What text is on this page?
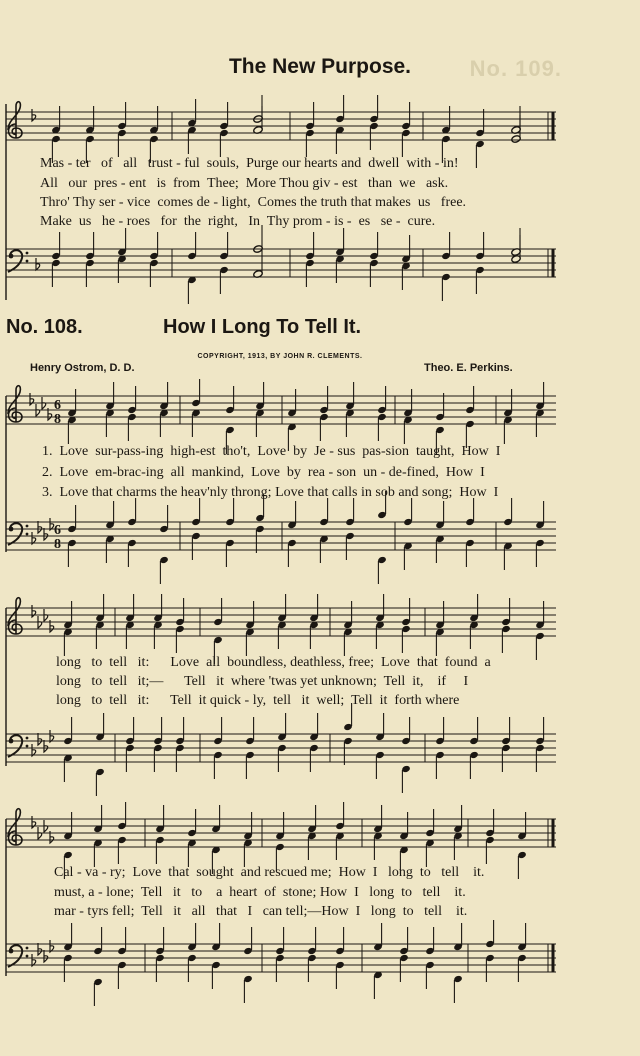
No. 109.
The New Purpose.
6
8
6
8
Mas - ter   of   all   trust - ful  souls,  Purge our hearts and  dwell  with - in!
All   our  pres - ent   is  from  Thee;  More Thou giv - est   than  we   ask.
Thro' Thy ser - vice  comes de - light,  Comes the truth that makes  us   free.
Make  us   he - roes   for  the  right,   In  Thy prom - is -  es   se -  cure.
No. 108.	How I Long To Tell It.
COPYRIGHT, 1913, BY JOHN R. CLEMENTS.
Henry Ostrom, D. D.	Theo. E. Perkins.
1.  Love  sur-pass-ing  high-est  tho't,  Love  by  Je - sus  pas-sion  taught,  How  I
2.  Love  em-brac-ing  all  mankind,  Love  by  rea - son  un - de-fined,  How  I
3.  Love that charms the heav'nly throng; Love that calls in sob and song;  How  I
long   to  tell   it:      Love  all  boundless, deathless, free;  Love  that  found  a
long   to  tell   it;—      Tell   it  where 'twas yet unknown;  Tell  it,    if     I
long   to  tell   it:      Tell  it quick - ly,  tell   it  well;  Tell  it  forth where
Cal - va - ry;  Love  that  sought  and rescued me;  How  I   long  to   tell    it.
must, a - lone;  Tell   it   to    a  heart  of  stone; How  I   long  to   tell    it.
mar - tyrs fell;  Tell   it   all   that   I   can tell;—How  I   long  to   tell    it.
